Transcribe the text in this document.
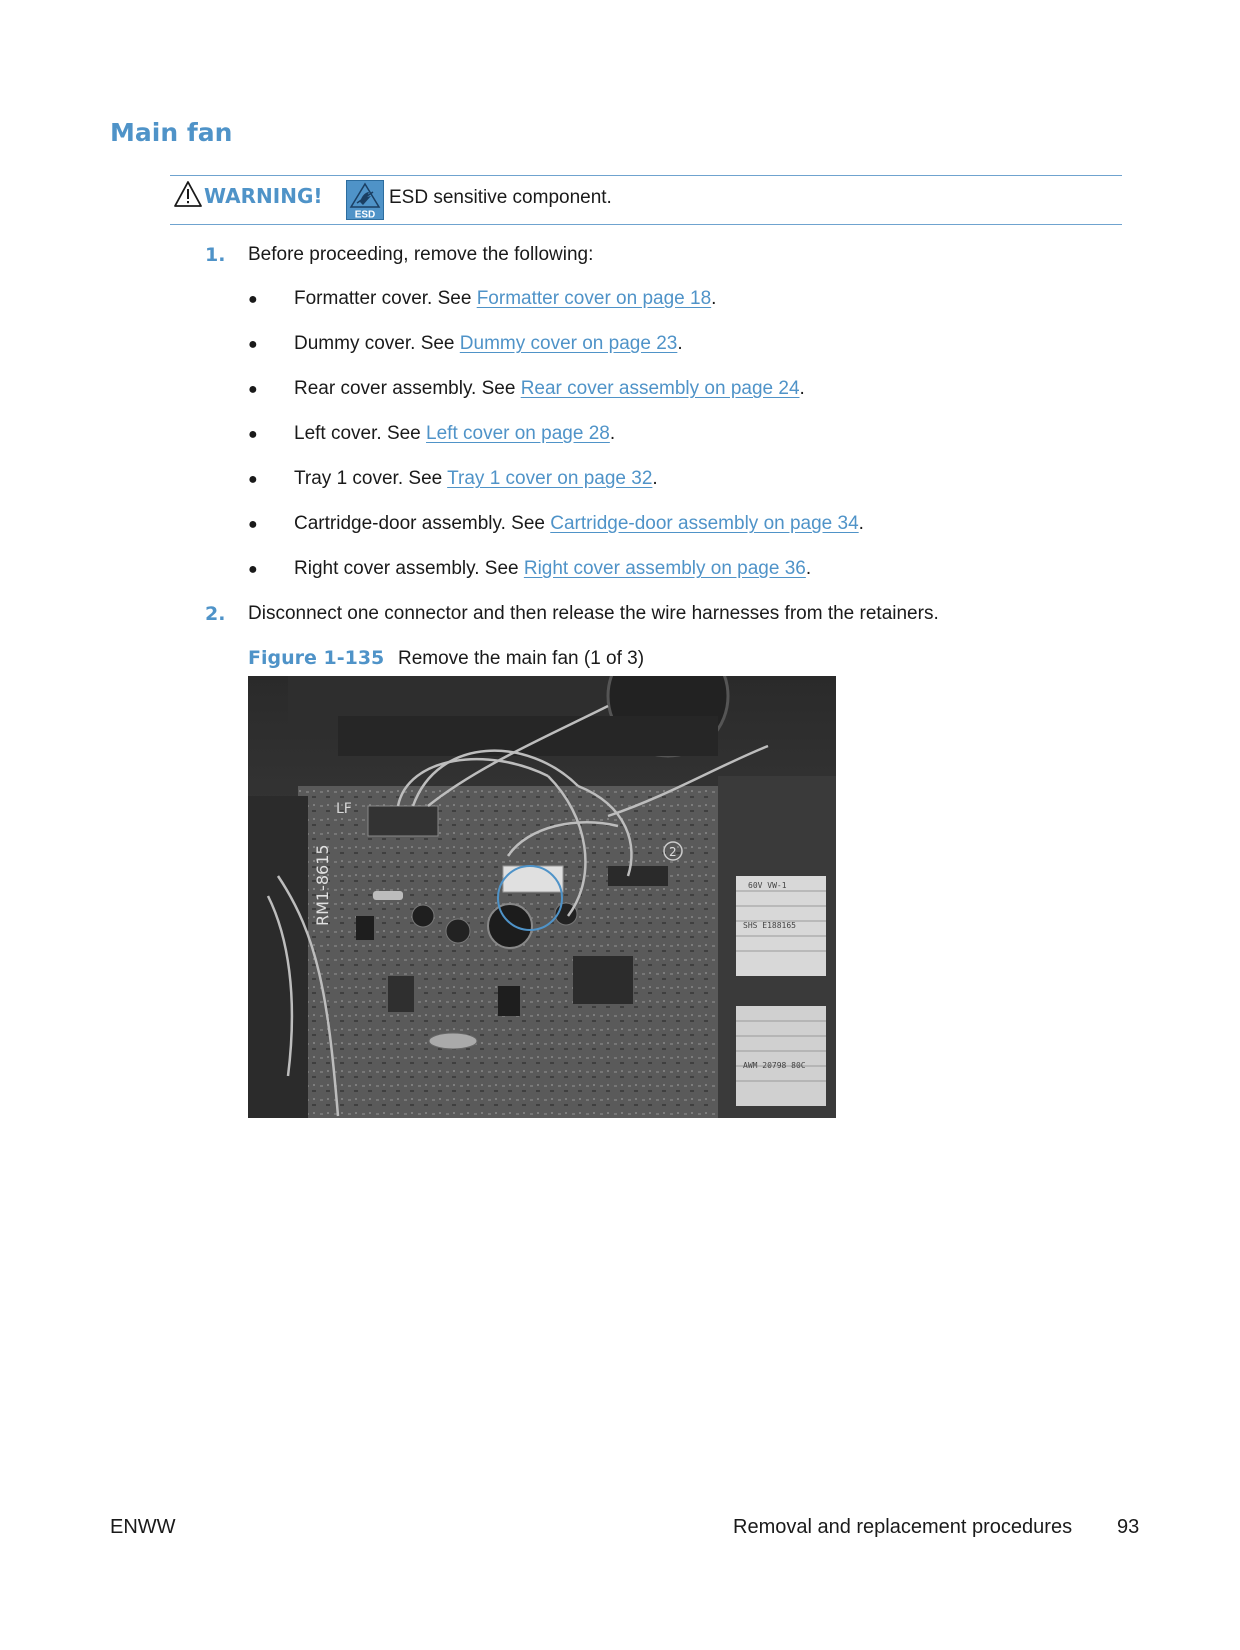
Main fan
WARNING!
ESD
ESD sensitive component.
1. Before proceeding, remove the following:
● Formatter cover. See Formatter cover on page 18.
● Dummy cover. See Dummy cover on page 23.
● Rear cover assembly. See Rear cover assembly on page 24.
● Left cover. See Left cover on page 28.
● Tray 1 cover. See Tray 1 cover on page 32.
● Cartridge-door assembly. See Cartridge-door assembly on page 34.
● Right cover assembly. See Right cover assembly on page 36.
2. Disconnect one connector and then release the wire harnesses from the retainers.
Figure 1-135 Remove the main fan (1 of 3)
60V VW-1
SHS E188165
AWM 20798 80C
LF
RM1-8615	2
ENWW	Removal and replacement procedures 93
